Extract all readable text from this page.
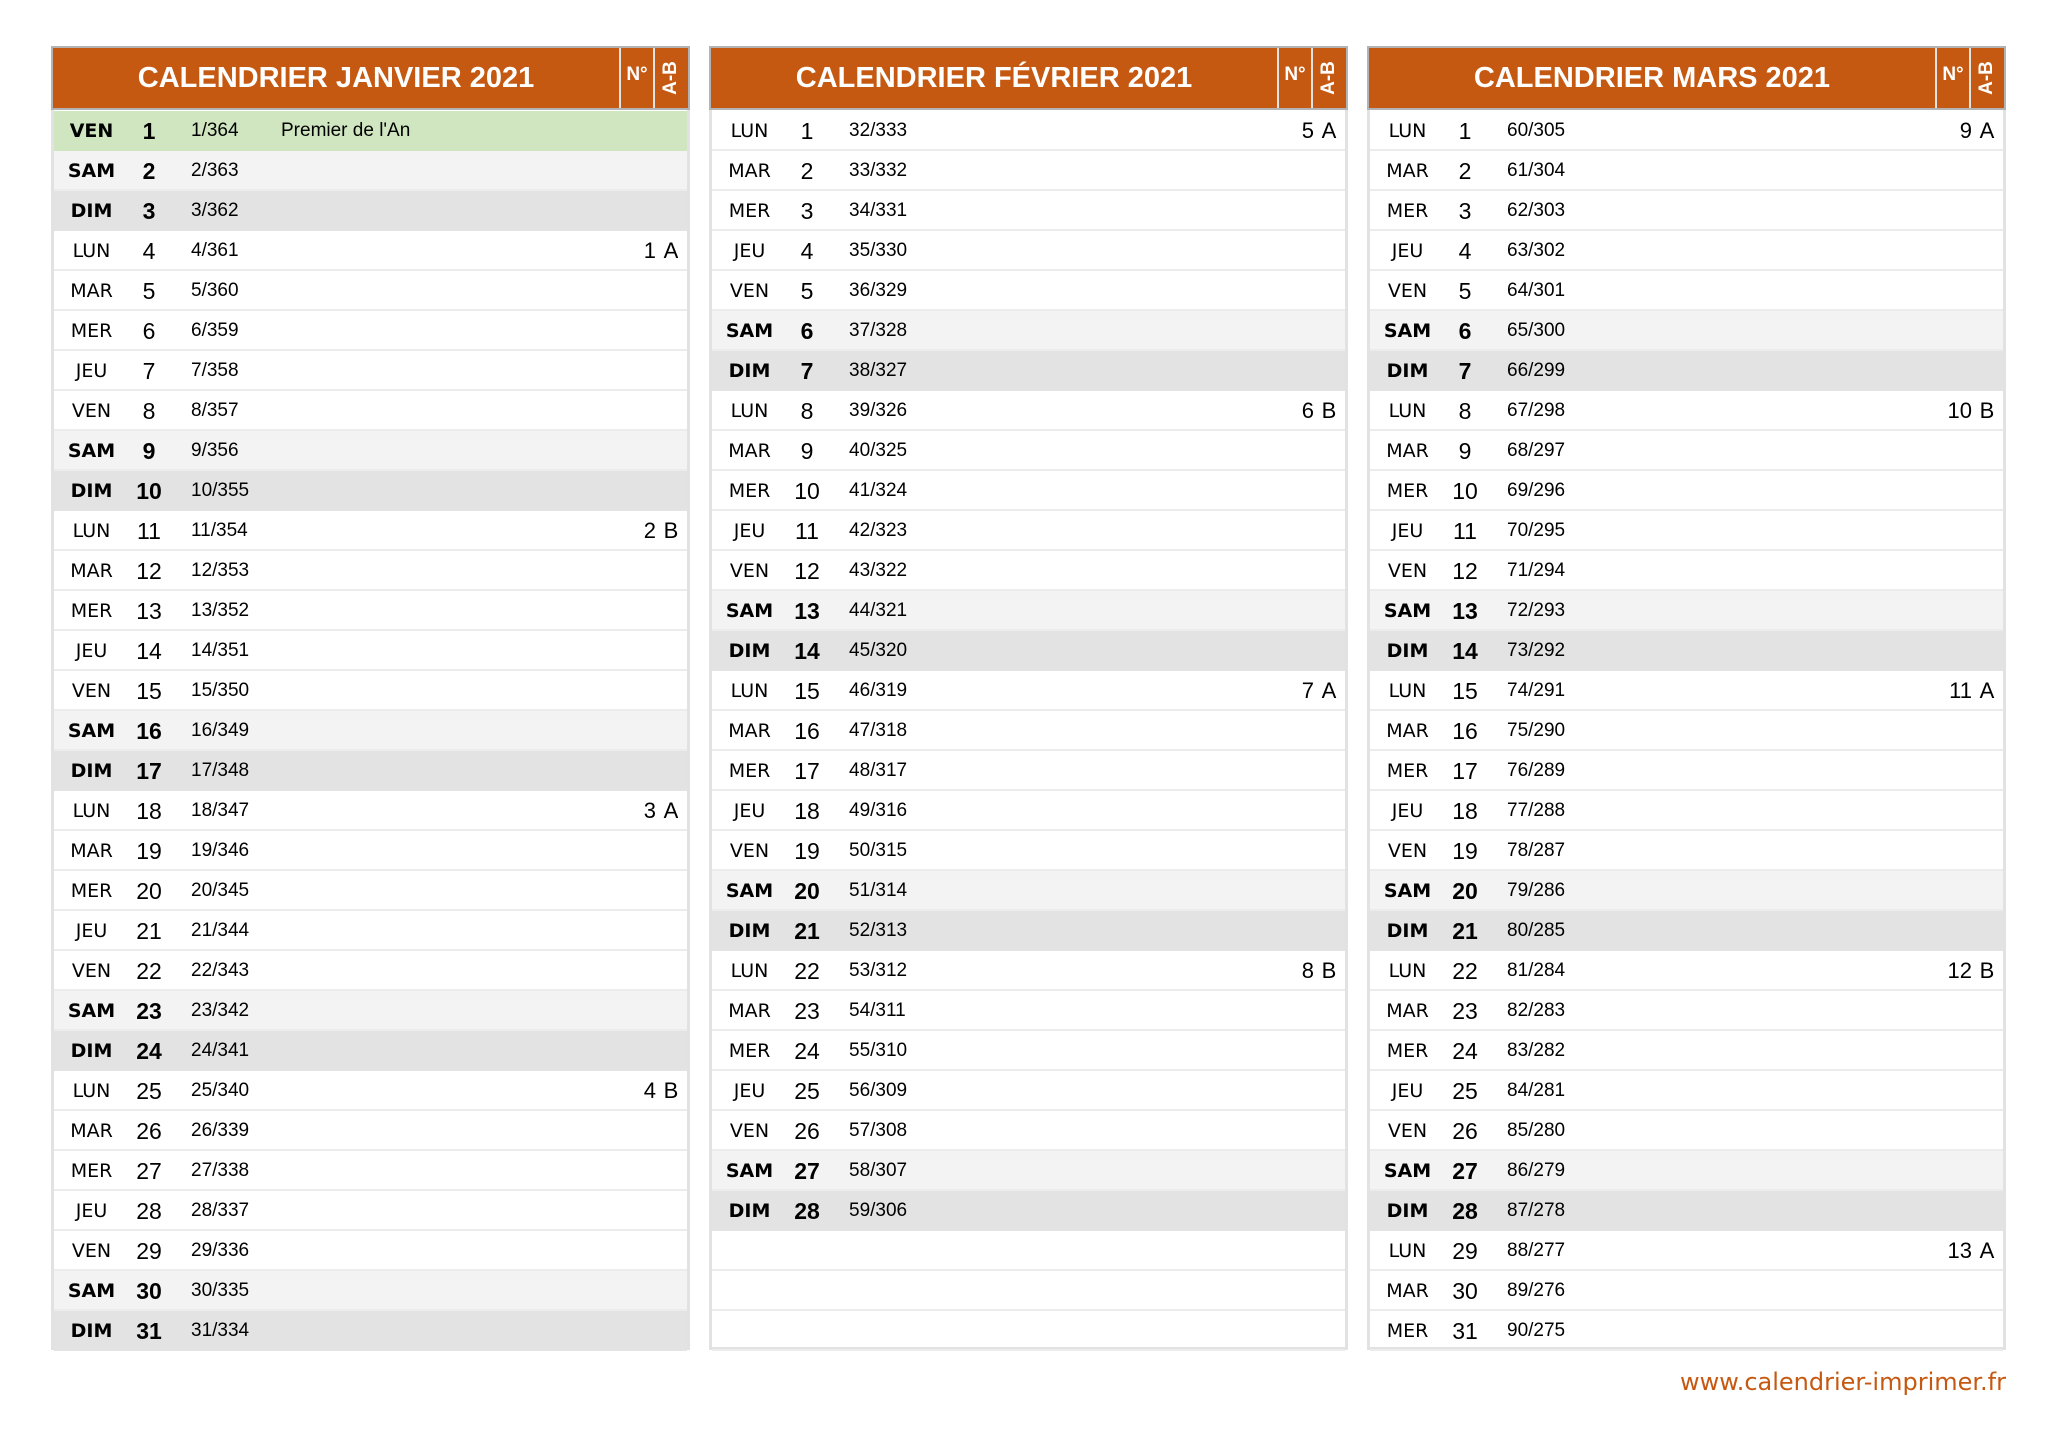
CALENDRIER JANVIER 2021	N° A-B
VEN	1	1/364 Premier de l'An
SAM	2	2/363
DIM	3	3/362
LUN	4	4/361	1 A
MAR	5	5/360
MER	6	6/359
JEU	7	7/358
VEN	8	8/357
SAM	9	9/356
DIM	10	10/355
LUN	11	11/354	2 B
MAR	12	12/353
MER	13	13/352
JEU	14	14/351
VEN	15	15/350
SAM 16	16/349
DIM	17	17/348
LUN	18	18/347	3 A
MAR	19	19/346
MER	20	20/345
JEU	21	21/344
VEN	22	22/343
SAM 23	23/342
DIM	24	24/341
LUN	25	25/340	4 B
MAR	26	26/339
MER	27	27/338
JEU	28	28/337
VEN	29	29/336
SAM 30	30/335
DIM	31	31/334
CALENDRIER FÉVRIER 2021	N° A-B
LUN	1	32/333	5 A
MAR	2	33/332
MER	3	34/331
JEU	4	35/330
VEN	5	36/329
SAM	6	37/328
DIM	7	38/327
LUN	8	39/326	6 B
MAR	9	40/325
MER	10	41/324
JEU	11	42/323
VEN	12	43/322
SAM 13	44/321
DIM	14	45/320
LUN	15	46/319	7 A
MAR	16	47/318
MER	17	48/317
JEU	18	49/316
VEN	19	50/315
SAM 20	51/314
DIM	21	52/313
LUN	22	53/312	8 B
MAR	23	54/311
MER	24	55/310
JEU	25	56/309
VEN	26	57/308
SAM 27	58/307
DIM	28	59/306
CALENDRIER MARS 2021	N° A-B
LUN	1	60/305	9 A
MAR	2	61/304
MER	3	62/303
JEU	4	63/302
VEN	5	64/301
SAM	6	65/300
DIM	7	66/299
LUN	8	67/298	10 B
MAR	9	68/297
MER	10	69/296
JEU	11	70/295
VEN	12	71/294
SAM 13	72/293
DIM	14	73/292
LUN	15	74/291	11 A
MAR	16	75/290
MER	17	76/289
JEU	18	77/288
VEN	19	78/287
SAM 20	79/286
DIM	21	80/285
LUN	22	81/284	12 B
MAR	23	82/283
MER	24	83/282
JEU	25	84/281
VEN	26	85/280
SAM 27	86/279
DIM	28	87/278
LUN	29	88/277	13 A
MAR	30	89/276
MER	31	90/275
www.calendrier-imprimer.fr
